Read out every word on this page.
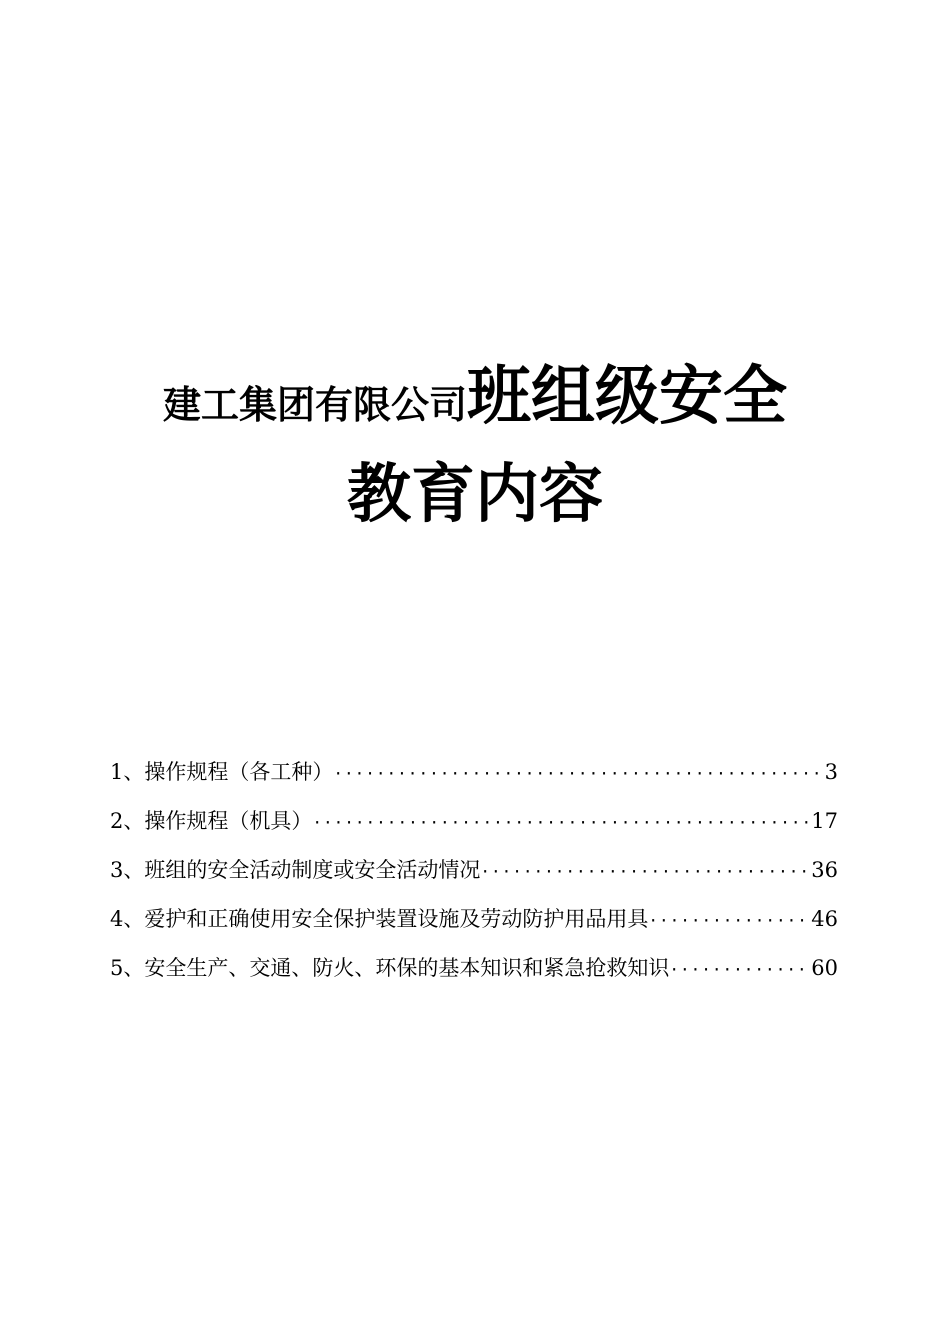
建工集团有限公司班组级安全
教育内容
1、操作规程（各工种） ·····	3
2、操作规程（机具） ·····	17
3、班组的安全活动制度或安全活动情况 ·····	36
4、爱护和正确使用安全保护装置设施及劳动防护用品用具 ·····	46
5、安全生产、交通、防火、环保的基本知识和紧急抢救知识 ·····	60
